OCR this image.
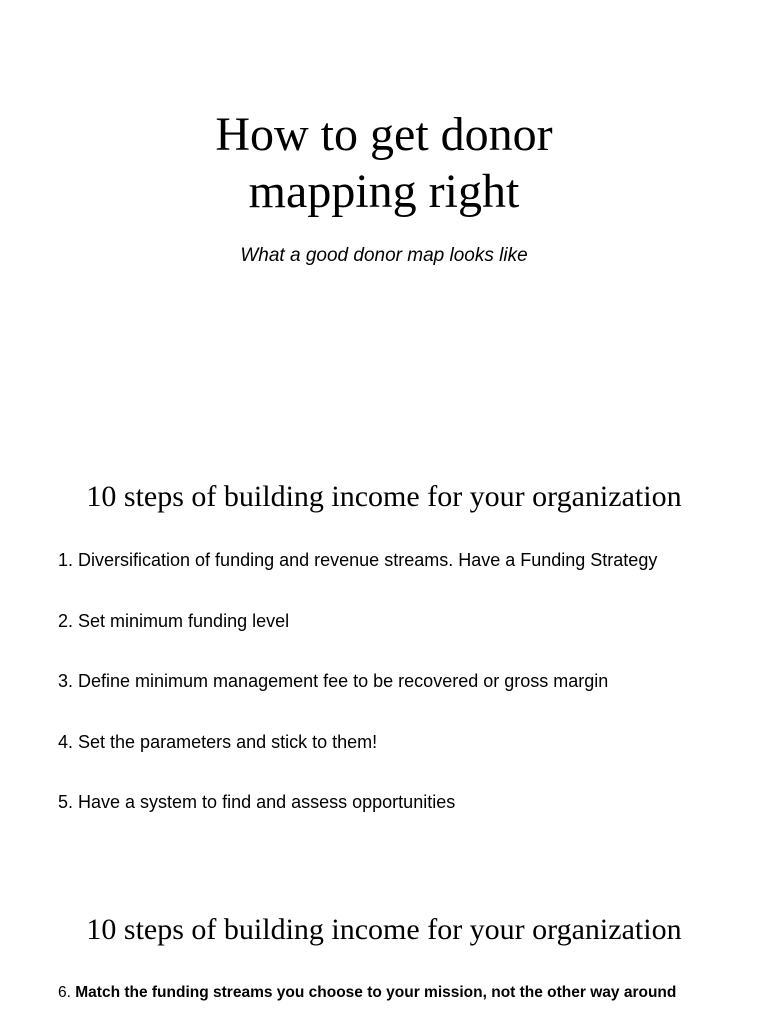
How to get donor
mapping right

What a good donor map looks like

10 steps of building income for your organization

1. Diversification of funding and revenue streams. Have a Funding Strategy

2. Set minimum funding level

3. Define minimum management fee to be recovered or gross margin

4. Set the parameters and stick to them!

5. Have a system to find and assess opportunities

10 steps of building income for your organization

6. Match the funding streams you choose to your mission, not the other way around
